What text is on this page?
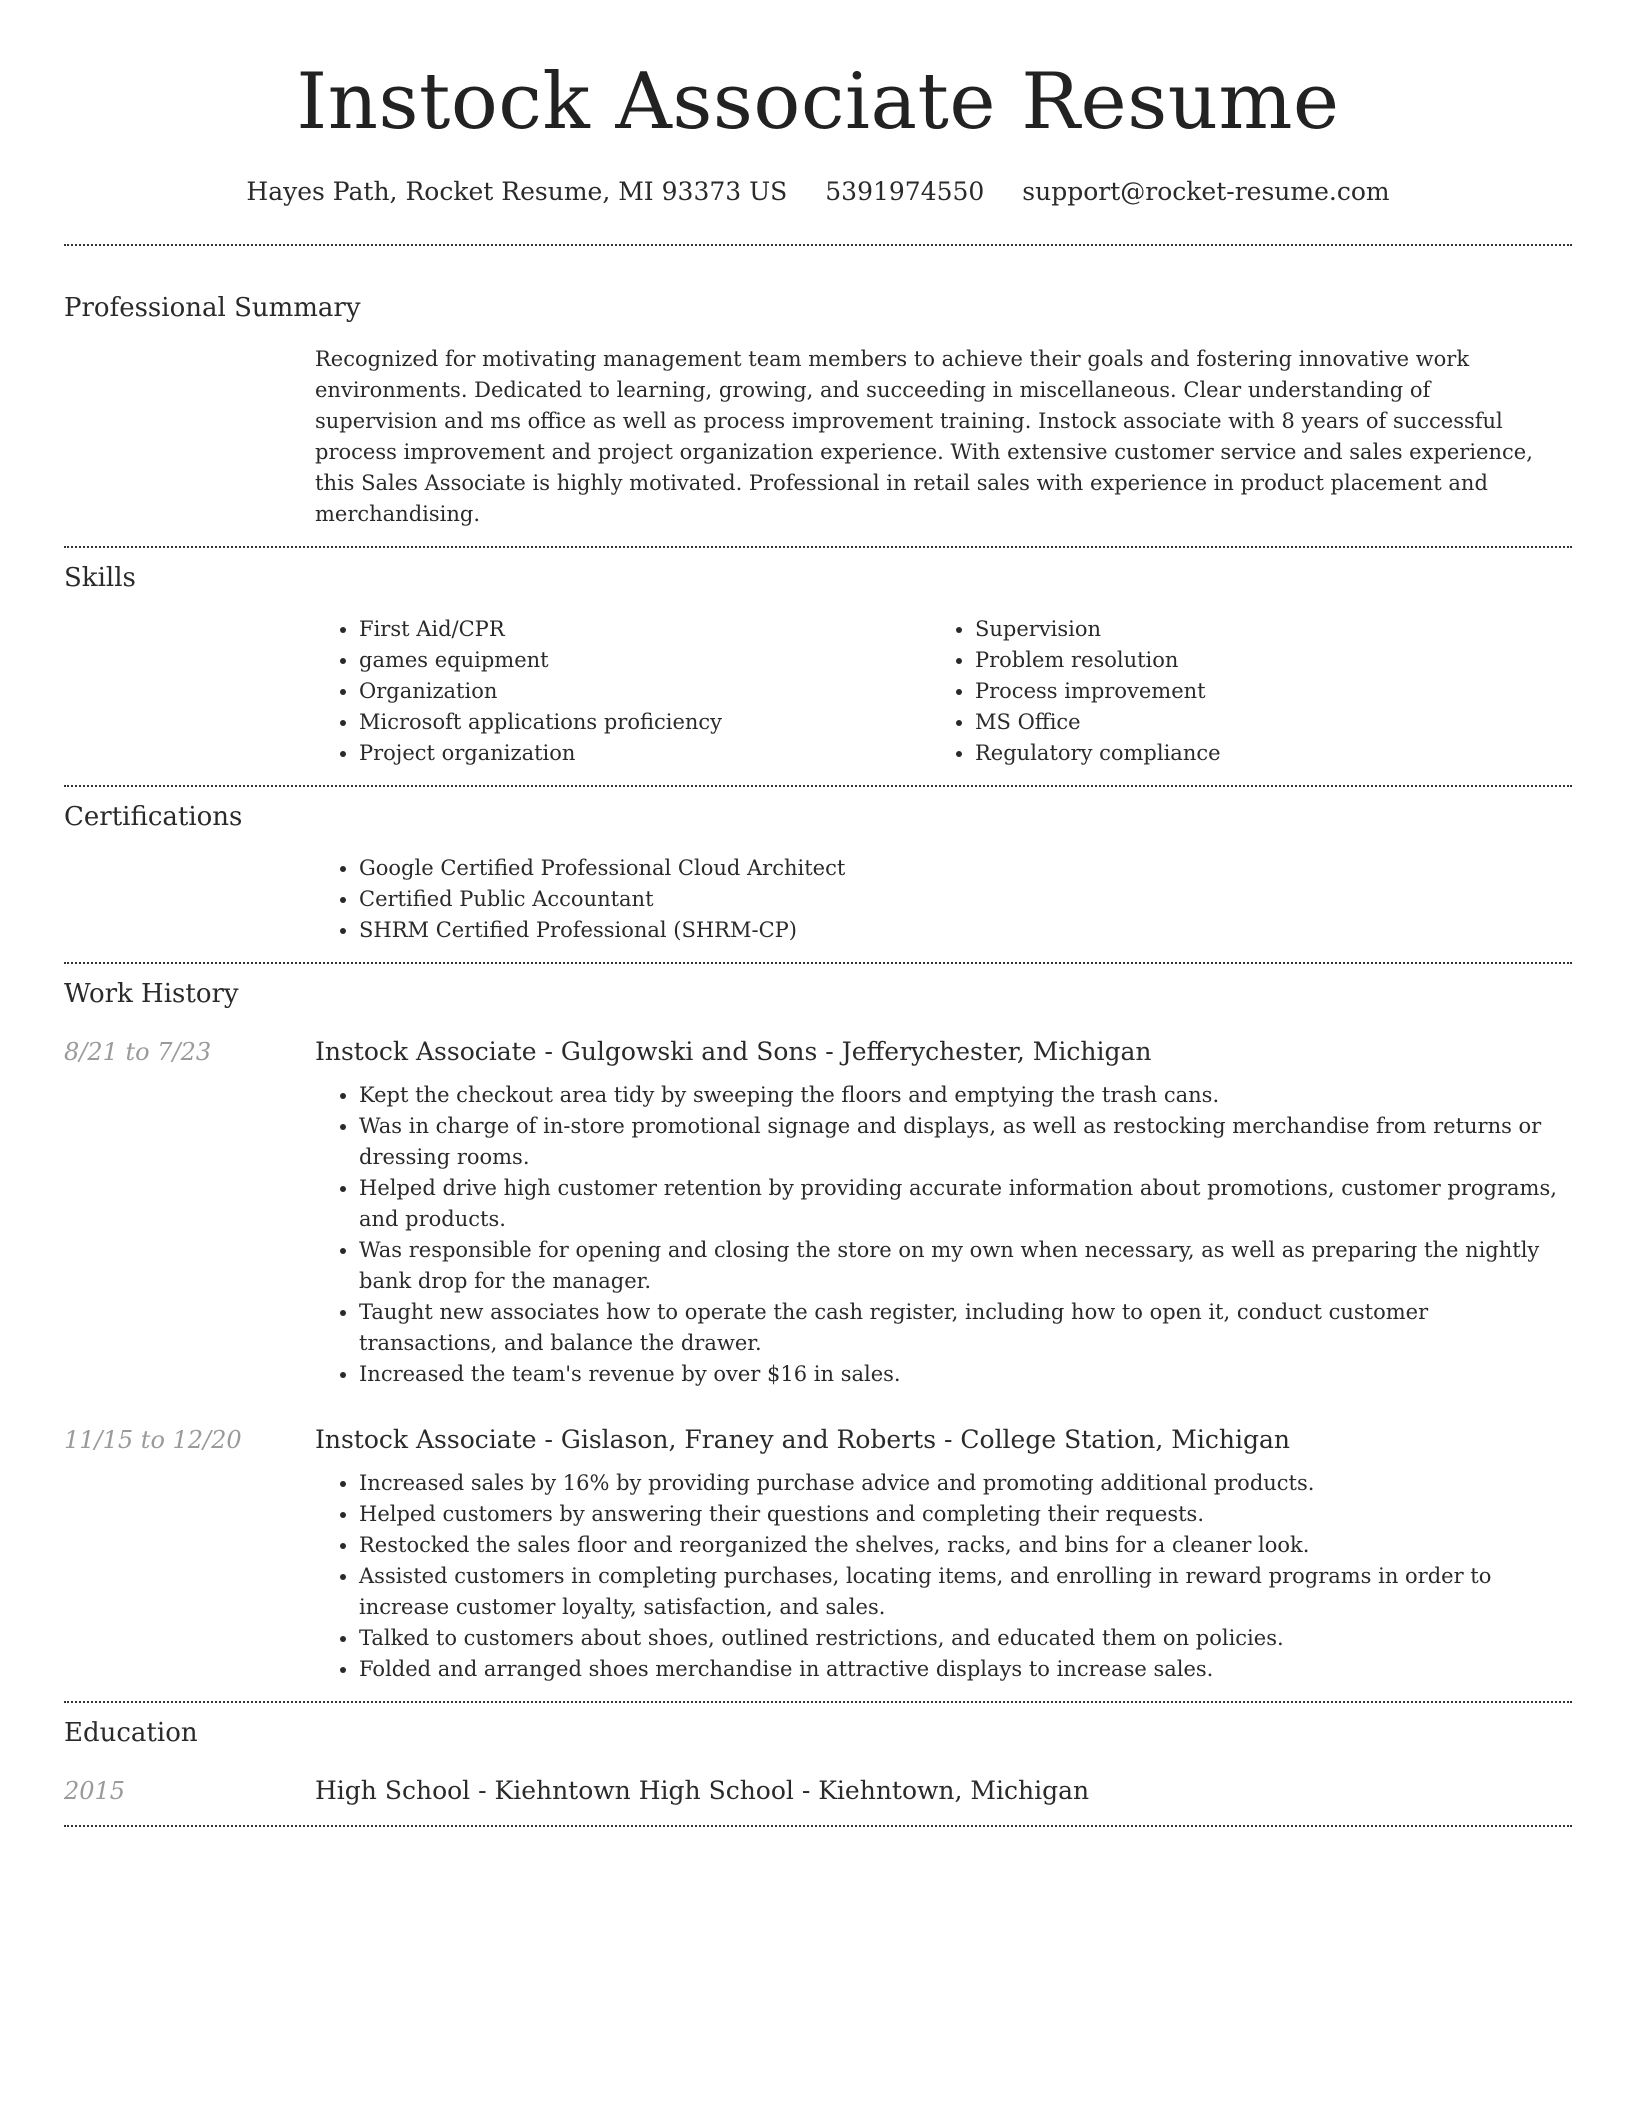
Instock Associate Resume
Hayes Path, Rocket Resume, MI 93373 US 5391974550 support@rocket-resume.com
Professional Summary

Recognized for motivating management team members to achieve their goals and fostering innovative work environments. Dedicated to learning, growing, and succeeding in miscellaneous. Clear understanding of supervision and ms office as well as process improvement training. Instock associate with 8 years of successful process improvement and project organization experience. With extensive customer service and sales experience, this Sales Associate is highly motivated. Professional in retail sales with experience in product placement and merchandising.

Skills
• First Aid/CPR
• games equipment
• Organization
• Microsoft applications proficiency
• Project organization
• Supervision
• Problem resolution
• Process improvement
• MS Office
• Regulatory compliance
Certifications
• Google Certified Professional Cloud Architect
• Certified Public Accountant
• SHRM Certified Professional (SHRM-CP)
Work History
8/21 to 7/23	Instock Associate - Gulgowski and Sons - Jefferychester, Michigan
• Kept the checkout area tidy by sweeping the floors and emptying the trash cans.
• Was in charge of in-store promotional signage and displays, as well as restocking merchandise from returns or dressing rooms.
• Helped drive high customer retention by providing accurate information about promotions, customer programs, and products.
• Was responsible for opening and closing the store on my own when necessary, as well as preparing the nightly bank drop for the manager.
• Taught new associates how to operate the cash register, including how to open it, conduct customer transactions, and balance the drawer.
• Increased the team's revenue by over $16 in sales.
11/15 to 12/20	Instock Associate - Gislason, Franey and Roberts - College Station, Michigan
• Increased sales by 16% by providing purchase advice and promoting additional products.
• Helped customers by answering their questions and completing their requests.
• Restocked the sales floor and reorganized the shelves, racks, and bins for a cleaner look.
• Assisted customers in completing purchases, locating items, and enrolling in reward programs in order to increase customer loyalty, satisfaction, and sales.
• Talked to customers about shoes, outlined restrictions, and educated them on policies.
• Folded and arranged shoes merchandise in attractive displays to increase sales.
Education
2015	High School - Kiehntown High School - Kiehntown, Michigan
